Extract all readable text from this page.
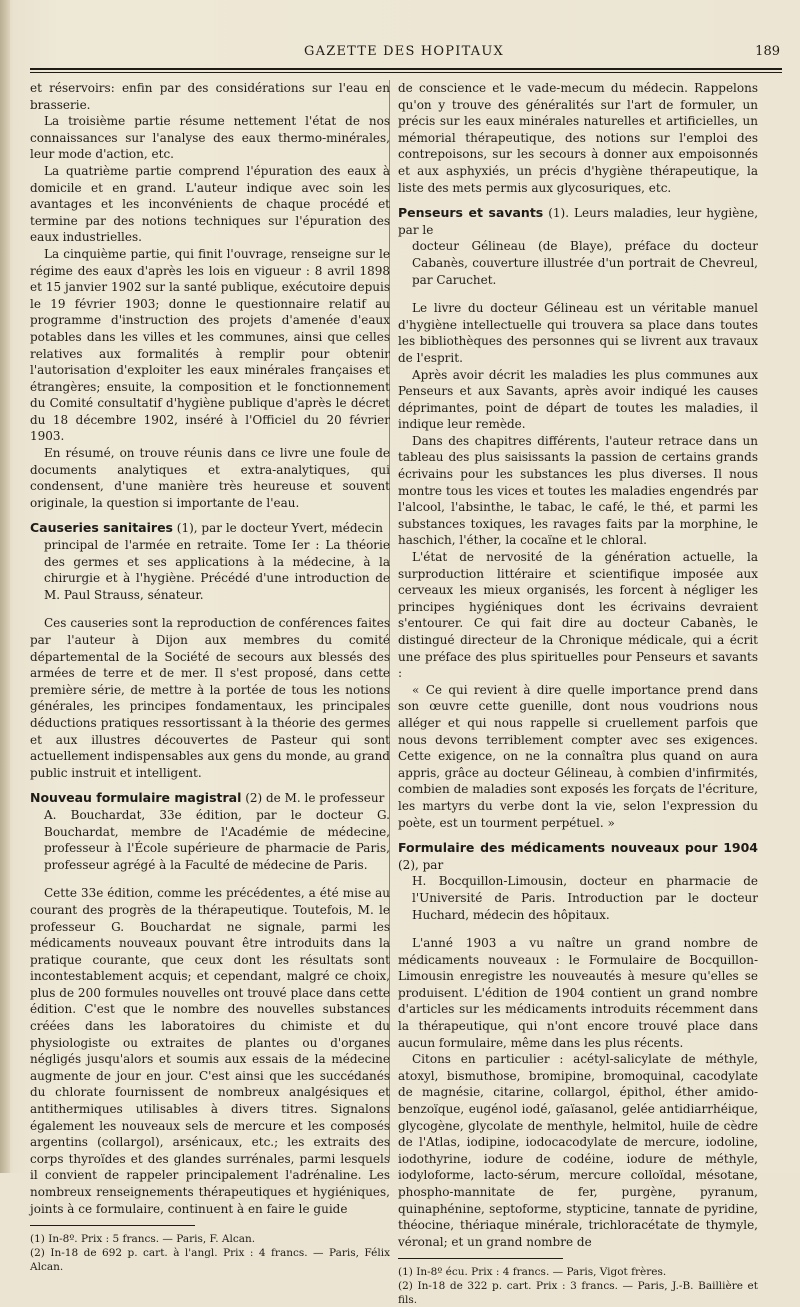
GAZETTE DES HOPITAUX	189

et réservoirs: enfin par des considérations sur l'eau en brasserie.

La troisième partie résume nettement l'état de nos connaissances sur l'analyse des eaux thermo-minérales, leur mode d'action, etc.

La quatrième partie comprend l'épuration des eaux à domicile et en grand. L'auteur indique avec soin les avantages et les inconvénients de chaque procédé et termine par des notions techniques sur l'épuration des eaux industrielles.

La cinquième partie, qui finit l'ouvrage, renseigne sur le régime des eaux d'après les lois en vigueur : 8 avril 1898 et 15 janvier 1902 sur la santé publique, exécutoire depuis le 19 février 1903; donne le questionnaire relatif au programme d'instruction des projets d'amenée d'eaux potables dans les villes et les communes, ainsi que celles relatives aux formalités à remplir pour obtenir l'autorisation d'exploiter les eaux minérales françaises et étrangères; ensuite, la composition et le fonctionnement du Comité consultatif d'hygiène publique d'après le décret du 18 décembre 1902, inséré à l'Officiel du 20 février 1903.

En résumé, on trouve réunis dans ce livre une foule de documents analytiques et extra-analytiques, qui condensent, d'une manière très heureuse et souvent originale, la question si importante de l'eau.

Causeries sanitaires (1), par le docteur Yvert, médecin
principal de l'armée en retraite. Tome Ier : La théorie des germes et ses applications à la médecine, à la chirurgie et à l'hygiène. Précédé d'une introduction de M. Paul Strauss, sénateur.

Ces causeries sont la reproduction de conférences faites par l'auteur à Dijon aux membres du comité départemental de la Société de secours aux blessés des armées de terre et de mer. Il s'est proposé, dans cette première série, de mettre à la portée de tous les notions générales, les principes fondamentaux, les principales déductions pratiques ressortissant à la théorie des germes et aux illustres découvertes de Pasteur qui sont actuellement indispensables aux gens du monde, au grand public instruit et intelligent.

Nouveau formulaire magistral (2) de M. le professeur
A. Bouchardat, 33e édition, par le docteur G. Bouchardat, membre de l'Académie de médecine, professeur à l'École supérieure de pharmacie de Paris, professeur agrégé à la Faculté de médecine de Paris.

Cette 33e édition, comme les précédentes, a été mise au courant des progrès de la thérapeutique. Toutefois, M. le professeur G. Bouchardat ne signale, parmi les médicaments nouveaux pouvant être introduits dans la pratique courante, que ceux dont les résultats sont incontestablement acquis; et cependant, malgré ce choix, plus de 200 formules nouvelles ont trouvé place dans cette édition. C'est que le nombre des nouvelles substances créées dans les laboratoires du chimiste et du physiologiste ou extraites de plantes ou d'organes négligés jusqu'alors et soumis aux essais de la médecine augmente de jour en jour. C'est ainsi que les succédanés du chlorate fournissent de nombreux analgésiques et antithermiques utilisables à divers titres. Signalons également les nouveaux sels de mercure et les composés argentins (collargol), arsénicaux, etc.; les extraits des corps thyroïdes et des glandes surrénales, parmi lesquels il convient de rappeler principalement l'adrénaline. Les nombreux renseignements thérapeutiques et hygiéniques, joints à ce formulaire, continuent à en faire le guide

(1) In-8º. Prix : 5 francs. — Paris, F. Alcan.
(2) In-18 de 692 p. cart. à l'angl. Prix : 4 francs. — Paris, Félix Alcan.

de conscience et le vade-mecum du médecin. Rappelons qu'on y trouve des généralités sur l'art de formuler, un précis sur les eaux minérales naturelles et artificielles, un mémorial thérapeutique, des notions sur l'emploi des contrepoisons, sur les secours à donner aux empoisonnés et aux asphyxiés, un précis d'hygiène thérapeutique, la liste des mets permis aux glycosuriques, etc.

Penseurs et savants (1). Leurs maladies, leur hygiène, par le
docteur Gélineau (de Blaye), préface du docteur Cabanès, couverture illustrée d'un portrait de Chevreul, par Caruchet.

Le livre du docteur Gélineau est un véritable manuel d'hygiène intellectuelle qui trouvera sa place dans toutes les bibliothèques des personnes qui se livrent aux travaux de l'esprit.

Après avoir décrit les maladies les plus communes aux Penseurs et aux Savants, après avoir indiqué les causes déprimantes, point de départ de toutes les maladies, il indique leur remède.

Dans des chapitres différents, l'auteur retrace dans un tableau des plus saisissants la passion de certains grands écrivains pour les substances les plus diverses. Il nous montre tous les vices et toutes les maladies engendrés par l'alcool, l'absinthe, le tabac, le café, le thé, et parmi les substances toxiques, les ravages faits par la morphine, le haschich, l'éther, la cocaïne et le chloral.

L'état de nervosité de la génération actuelle, la surproduction littéraire et scientifique imposée aux cerveaux les mieux organisés, les forcent à négliger les principes hygiéniques dont les écrivains devraient s'entourer. Ce qui fait dire au docteur Cabanès, le distingué directeur de la Chronique médicale, qui a écrit une préface des plus spirituelles pour Penseurs et savants :

« Ce qui revient à dire quelle importance prend dans son œuvre cette guenille, dont nous voudrions nous alléger et qui nous rappelle si cruellement parfois que nous devons terriblement compter avec ses exigences. Cette exigence, on ne la connaîtra plus quand on aura appris, grâce au docteur Gélineau, à combien d'infirmités, combien de maladies sont exposés les forçats de l'écriture, les martyrs du verbe dont la vie, selon l'expression du poète, est un tourment perpétuel. »

Formulaire des médicaments nouveaux pour 1904 (2), par
H. Bocquillon-Limousin, docteur en pharmacie de l'Université de Paris. Introduction par le docteur Huchard, médecin des hôpitaux.

L'anné 1903 a vu naître un grand nombre de médicaments nouveaux : le Formulaire de Bocquillon-Limousin enregistre les nouveautés à mesure qu'elles se produisent. L'édition de 1904 contient un grand nombre d'articles sur les médicaments introduits récemment dans la thérapeutique, qui n'ont encore trouvé place dans aucun formulaire, même dans les plus récents.

Citons en particulier : acétyl-salicylate de méthyle, atoxyl, bismuthose, bromipine, bromoquinal, cacodylate de magnésie, citarine, collargol, épithol, éther amido-benzoïque, eugénol iodé, gaïasanol, gelée antidiarrhéique, glycogène, glycolate de menthyle, helmitol, huile de cèdre de l'Atlas, iodipine, iodocacodylate de mercure, iodoline, iodothyrine, iodure de codéine, iodure de méthyle, iodyloforme, lacto-sérum, mercure colloïdal, mésotane, phospho-mannitate de fer, purgène, pyranum, quinaphénine, septoforme, stypticine, tannate de pyridine, théocine, thériaque minérale, trichloracétate de thymyle, véronal; et un grand nombre de

(1) In-8º écu. Prix : 4 francs. — Paris, Vigot frères.
(2) In-18 de 322 p. cart. Prix : 3 francs. — Paris, J.-B. Baillière et fils.
